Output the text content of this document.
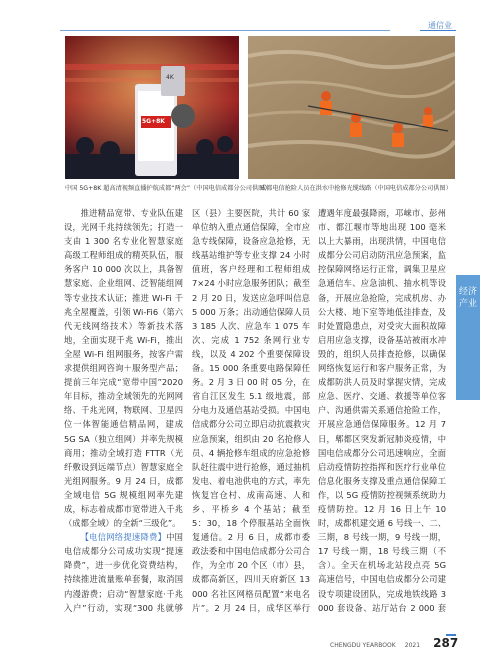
通信业
5G+8K
4K
中国 5G+8K 超高清视频直播护航成都“两会”（中国电信成都分公司供图）
成都电信抢险人员在洪水中抢修光缆线路（中国电信成都分公司供图）

推进精品宽带、专业队伍建设，光网千兆持续领先；打造一支由 1 300 名专业化智慧家庭高级工程师组成的精英队伍，服务客户 10 000 次以上，具备智慧家庭、企业组网、泛智能组网等专业技术认证；推进 Wi-Fi 千兆全屋覆盖，引领 Wi-Fi6（第六代无线网络技术）等新技术落地，全面实现千兆 Wi-Fi，推出全屋 Wi-Fi 组网服务，按客户需求提供组网咨询＋服务型产品；提前三年完成“宽带中国”2020 年目标，推动全域领先的光网网络、千兆光网，物联网、卫星四位一体智能通信精品网，建成 5G SA（独立组网）并率先规模商用；推动全域打造 FTTR（光纤敷设到远端节点）智慧家庭全光组网服务。9 月 24 日，成都全域电信 5G 规模组网率先建成，标志着成都市宽带进入千兆（成都全域）的全新“三级化”。

【电信网络提速降费】中国电信成都分公司成功实现“提速降费”，进一步优化资费结构，持续推进流量账单套餐，取消国内漫游费；启动“智慧家庭·千兆入户”行动，实现“300 兆就够

区（县）主要医院，共计 60 家单位纳入重点通信保障，全市应急专线保障，设备应急抢修，无线基站维护等专业支撑 24 小时值班，客户经理和工程师组成 7×24 小时应急服务团队；截至 2 月 20 日，发送应急呼叫信息 5 000 万条；出动通信保障人员 3 185 人次、应急车 1 075 车次、完成 1 752 条网行业专线，以及 4 202 个重要保障设备。15 000 条重要电路保障任务。2 月 3 日 00 时 05 分，在省自江区发生 5.1 级地震，部分电力及通信基站受损。中国电信成都分公司立即启动抗震救灾应急预案，组织由 20 名抢修人员、4 辆抢修车组成的应急抢修队赶往震中进行抢修，通过抽机发电、着电池供电的方式，率先恢复宫仓村、成南高速、人和乡、平桥乡 4 个基站；截至 5：30，18 个停服基站全面恢复通信。2 月 6 日，成都市委政法委和中国电信成都分公司合作，为全市 20 个区（市）县，成都高新区，四川天府新区 13 000 名社区网格员配置“来电名片”。2 月 24 日，成华区举行

遭遇年度最强降雨，邛崃市、彭州市、都江堰市等地出现 100 毫米以上大暴雨，出现洪情，中国电信成都分公司启动防汛应急预案，监控保障网络运行正常，调集卫星应急通信车、应急油机、抽水机等设备，开展应急抢险，完成机房、办公大楼、地下室等地低洼排查，及时处置隐患点，对受灾大面积故障启用应急支撑，设备基站被雨水冲毁的，组织人员排查抢修，以确保网络恢复运行和客户服务正常，为成都防洪人员及时掌握灾情，完成应急、医疗、交通、救援等单位客户、沟通供需关系通信抢险工作，开展应急通信保障服务。12 月 7 日，郫都区突发新冠肺炎疫情，中国电信成都分公司迅速响应，全面启动疫情防控指挥和医疗行业单位信息化服务支撑及重点通信保障工作，以 5G 疫情防控视频系统助力疫情防控。12 月 16 日上午 10 时，成都机建交通 6 号线一、二、三期，8 号线一期，9 号线一期，17 号线一期，18 号线三期（不含）。全天在机场北站段点亮 5G 高速信号，中国电信成都分公司建设专项建设团队，完成地铁线路 3 000 套设备、站厅站台 2 000 套

经济产业
CHENGDU YEARBOOK 2021 287
